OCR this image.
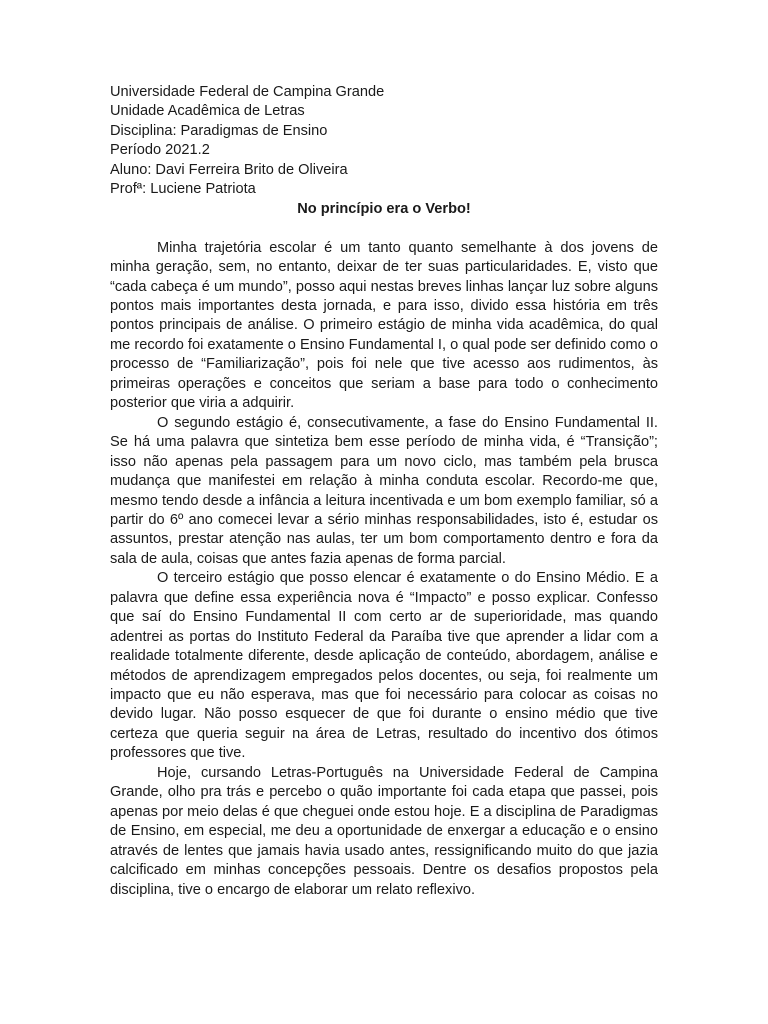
Universidade Federal de Campina Grande

Unidade Acadêmica de Letras

Disciplina: Paradigmas de Ensino

Período 2021.2

Aluno: Davi Ferreira Brito de Oliveira

Profª: Luciene Patriota

No princípio era o Verbo!

Minha trajetória escolar é um tanto quanto semelhante à dos jovens de minha geração, sem, no entanto, deixar de ter suas particularidades. E, visto que “cada cabeça é um mundo”, posso aqui nestas breves linhas lançar luz sobre alguns pontos mais importantes desta jornada, e para isso, divido essa história em três pontos principais de análise. O primeiro estágio de minha vida acadêmica, do qual me recordo foi exatamente o Ensino Fundamental I, o qual pode ser definido como o processo de “Familiarização”, pois foi nele que tive acesso aos rudimentos, às primeiras operações e conceitos que seriam a base para todo o conhecimento posterior que viria a adquirir.

O segundo estágio é, consecutivamente, a fase do Ensino Fundamental II. Se há uma palavra que sintetiza bem esse período de minha vida, é “Transição”; isso não apenas pela passagem para um novo ciclo, mas também pela brusca mudança que manifestei em relação à minha conduta escolar. Recordo-me que, mesmo tendo desde a infância a leitura incentivada e um bom exemplo familiar, só a partir do 6º ano comecei levar a sério minhas responsabilidades, isto é, estudar os assuntos, prestar atenção nas aulas, ter um bom comportamento dentro e fora da sala de aula, coisas que antes fazia apenas de forma parcial.

O terceiro estágio que posso elencar é exatamente o do Ensino Médio. E a palavra que define essa experiência nova é “Impacto” e posso explicar. Confesso que saí do Ensino Fundamental II com certo ar de superioridade, mas quando adentrei as portas do Instituto Federal da Paraíba tive que aprender a lidar com a realidade totalmente diferente, desde aplicação de conteúdo, abordagem, análise e métodos de aprendizagem empregados pelos docentes, ou seja, foi realmente um impacto que eu não esperava, mas que foi necessário para colocar as coisas no devido lugar. Não posso esquecer de que foi durante o ensino médio que tive certeza que queria seguir na área de Letras, resultado do incentivo dos ótimos professores que tive.

Hoje, cursando Letras-Português na Universidade Federal de Campina Grande, olho pra trás e percebo o quão importante foi cada etapa que passei, pois apenas por meio delas é que cheguei onde estou hoje. E a disciplina de Paradigmas de Ensino, em especial, me deu a oportunidade de enxergar a educação e o ensino através de lentes que jamais havia usado antes, ressignificando muito do que jazia calcificado em minhas concepções pessoais. Dentre os desafios propostos pela disciplina, tive o encargo de elaborar um relato reflexivo.
